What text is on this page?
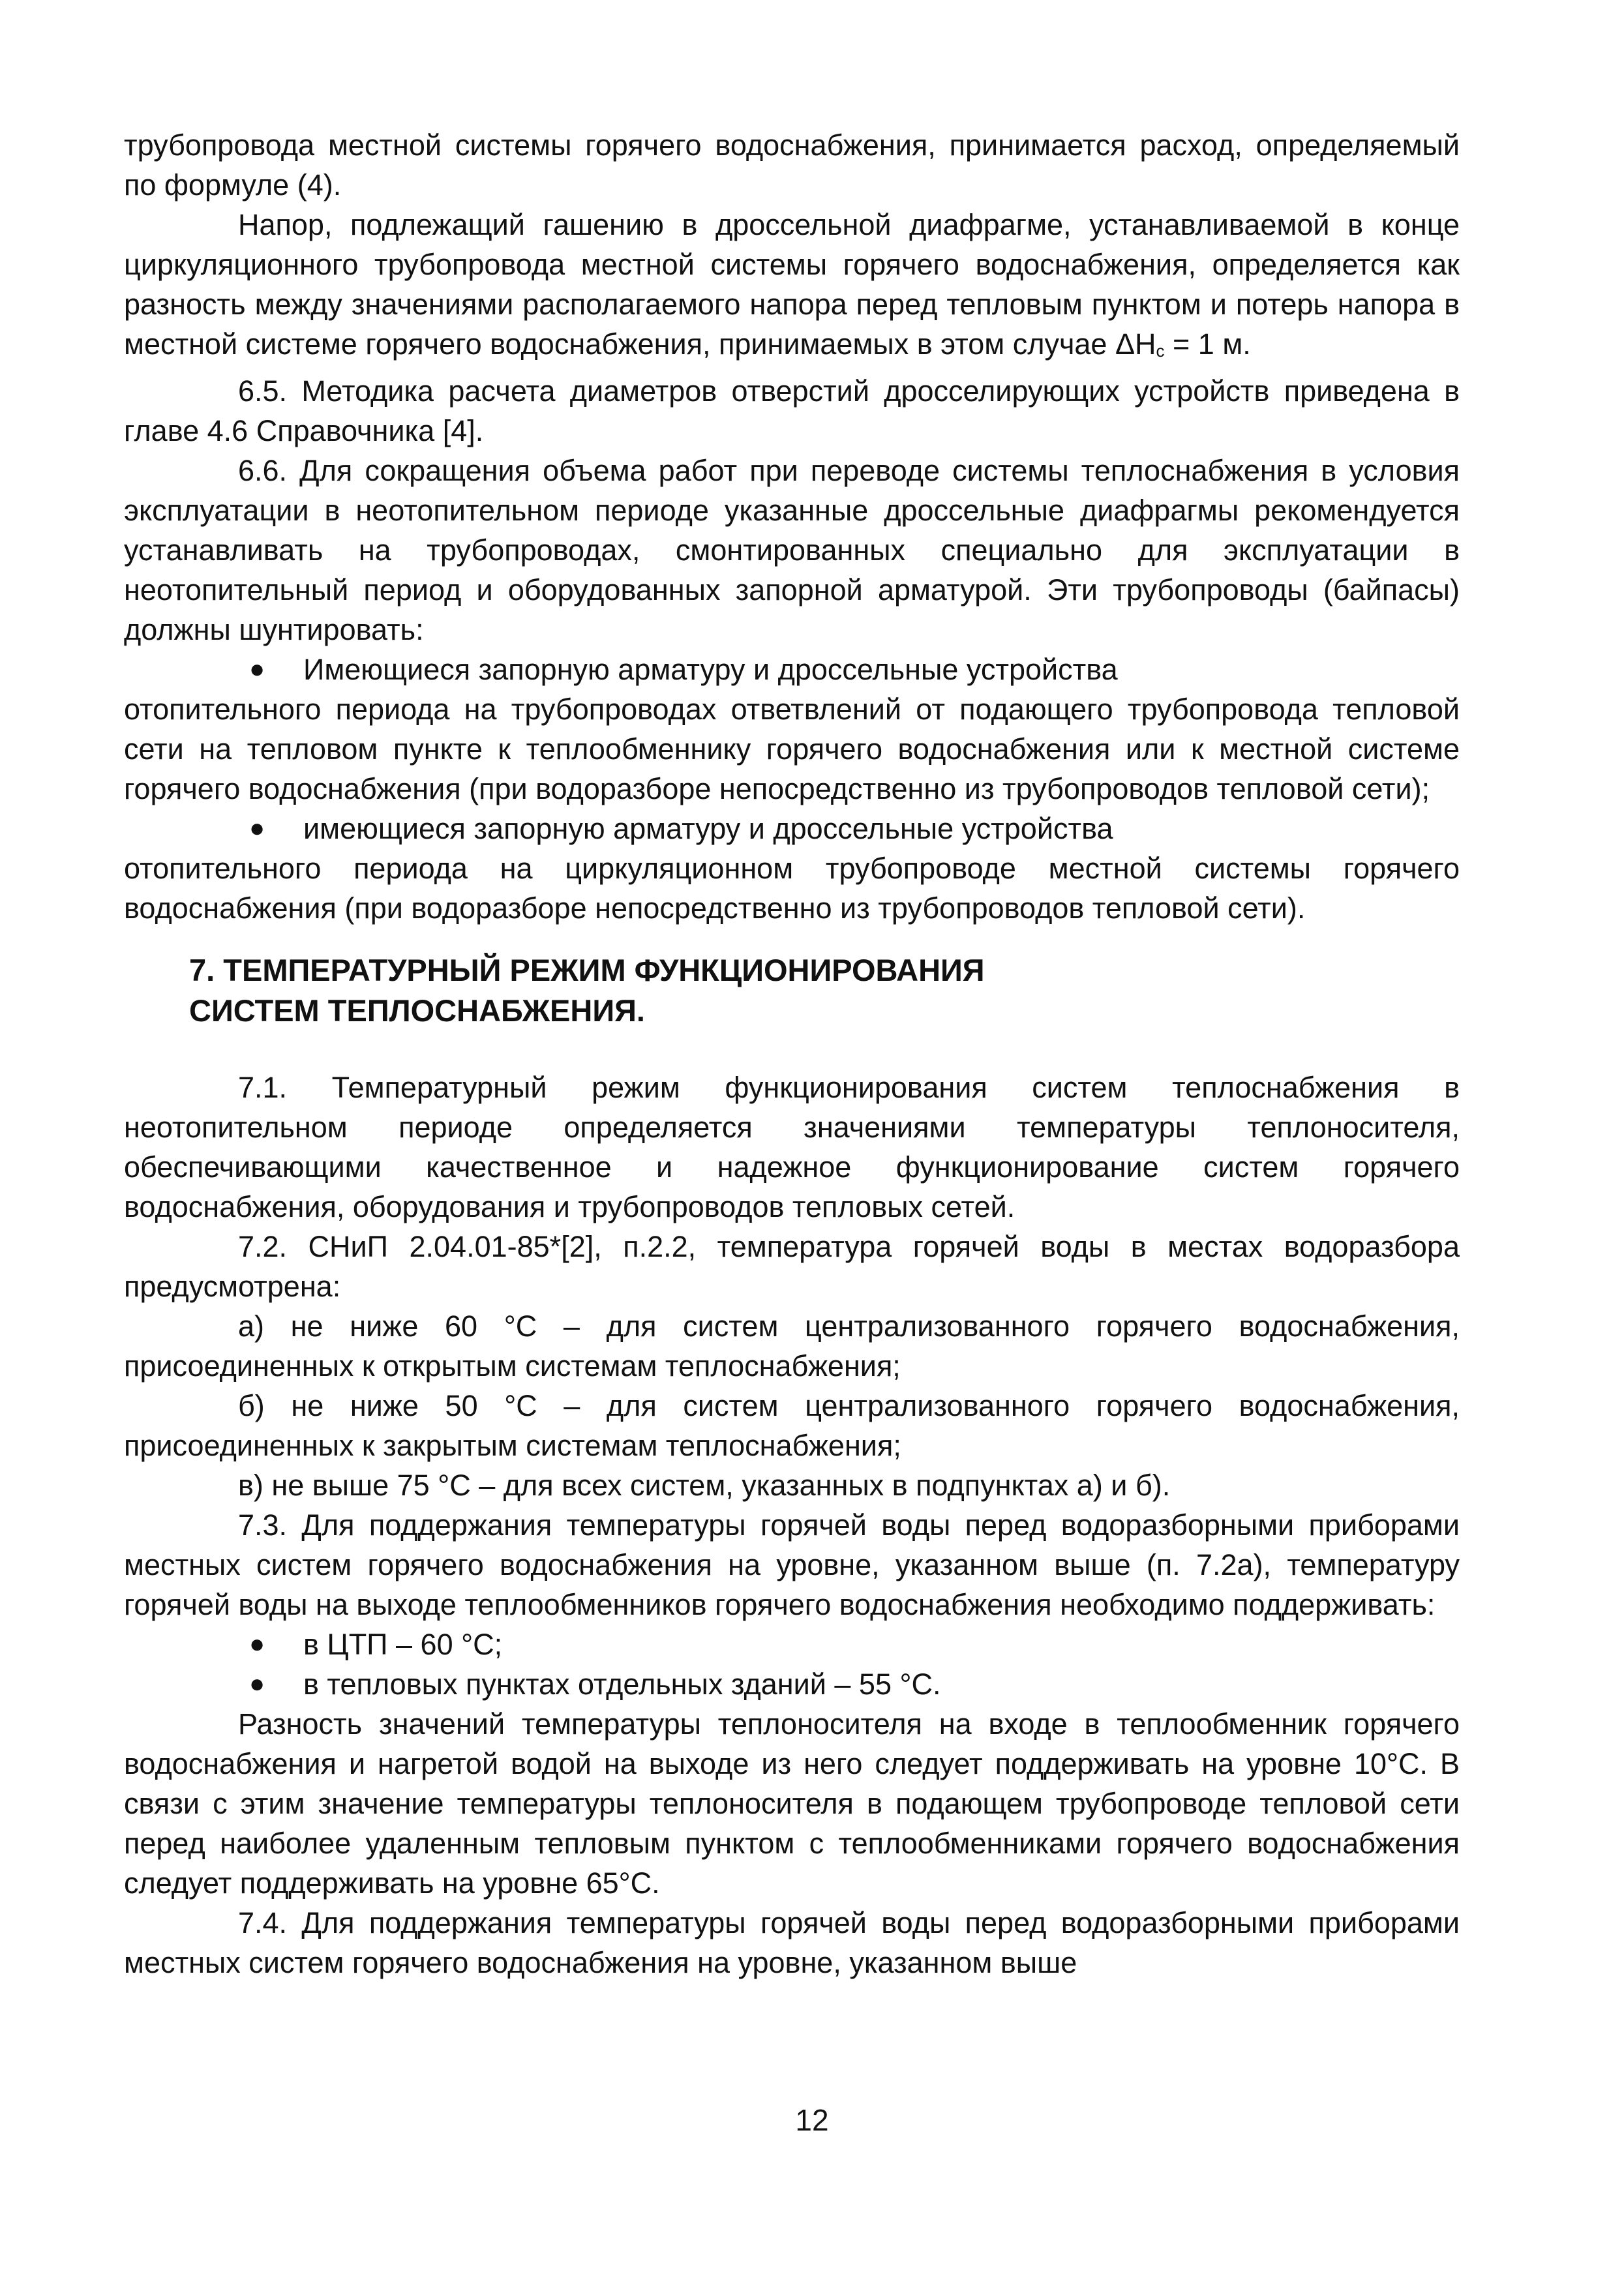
трубопровода местной системы горячего водоснабжения, принимается расход, определяемый по формуле (4).

Напор, подлежащий гашению в дроссельной диафрагме, устанавливаемой в конце циркуляционного трубопровода местной системы горячего водоснабжения, определяется как разность между значениями располагаемого напора перед тепловым пунктом и потерь напора в местной системе горячего водоснабжения, принимаемых в этом случае $\Delta H_с = 1$ м.

6.5. Методика расчета диаметров отверстий дросселирующих устройств приведена в главе 4.6 Справочника [4].

6.6. Для сокращения объема работ при переводе системы теплоснабжения в условия эксплуатации в неотопительном периоде указанные дроссельные диафрагмы рекомендуется устанавливать на трубопроводах, смонтированных специально для эксплуатации в неотопительный период и оборудованных запорной арматурой. Эти трубопроводы (байпасы) должны шунтировать:

● Имеющиеся запорную арматуру и дроссельные устройства

отопительного периода на трубопроводах ответвлений от подающего трубопровода тепловой сети на тепловом пункте к теплообменнику горячего водоснабжения или к местной системе горячего водоснабжения (при водоразборе непосредственно из трубопроводов тепловой сети);

● имеющиеся запорную арматуру и дроссельные устройства

отопительного периода на циркуляционном трубопроводе местной системы горячего водоснабжения (при водоразборе непосредственно из трубопроводов тепловой сети).

7. ТЕМПЕРАТУРНЫЙ РЕЖИМ ФУНКЦИОНИРОВАНИЯ
СИСТЕМ ТЕПЛОСНАБЖЕНИЯ.

7.1. Температурный режим функционирования систем теплоснабжения в неотопительном периоде определяется значениями температуры теплоносителя, обеспечивающими качественное и надежное функционирование систем горячего водоснабжения, оборудования и трубопроводов тепловых сетей.

7.2. СНиП 2.04.01-85*[2], п.2.2, температура горячей воды в местах водоразбора предусмотрена:

а) не ниже 60 °С – для систем централизованного горячего водоснабжения, присоединенных к открытым системам теплоснабжения;

б) не ниже 50 °С – для систем централизованного горячего водоснабжения, присоединенных к закрытым системам теплоснабжения;

в) не выше 75 °С – для всех систем, указанных в подпунктах а) и б).

7.3. Для поддержания температуры горячей воды перед водоразборными приборами местных систем горячего водоснабжения на уровне, указанном выше (п. 7.2а), температуру горячей воды на выходе теплообменников горячего водоснабжения необходимо поддерживать:

● в ЦТП – 60 °С;

● в тепловых пунктах отдельных зданий – 55 °С.

Разность значений температуры теплоносителя на входе в теплообменник горячего водоснабжения и нагретой водой на выходе из него следует поддерживать на уровне 10°С. В связи с этим значение температуры теплоносителя в подающем трубопроводе тепловой сети перед наиболее удаленным тепловым пунктом с теплообменниками горячего водоснабжения следует поддерживать на уровне 65°С.

7.4. Для поддержания температуры горячей воды перед водоразборными приборами местных систем горячего водоснабжения на уровне, указанном выше

12
